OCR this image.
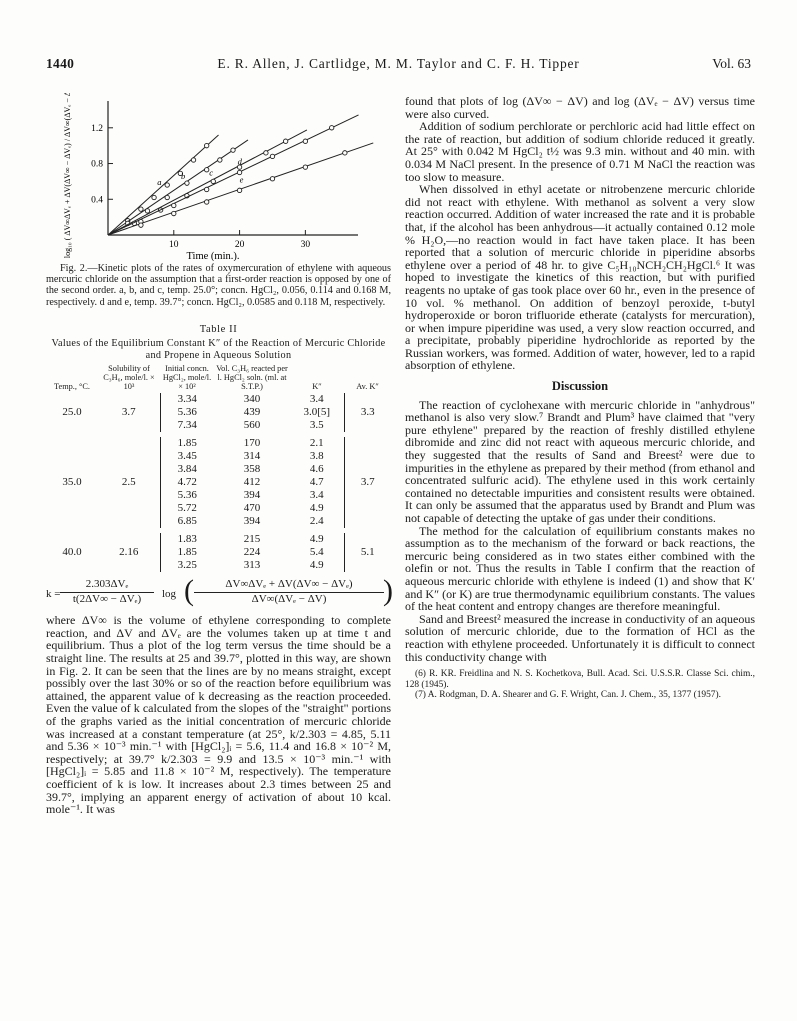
1440	E. R. Allen, J. Cartlidge, M. M. Taylor and C. F. H. Tipper	Vol. 63
10	20	30
0.4
0.8
1.2
Time (min.).
log₁₀ ( ΔV∞ΔVₑ + ΔV(ΔV∞ − ΔVₑ) / ΔV∞(ΔVₑ − ΔV) )	a
b	c
d
e
Fig. 2.—Kinetic plots of the rates of oxymercuration of ethylene with aqueous mercuric chloride on the assumption that a first-order reaction is opposed by one of the second order. a, b, and c, temp. 25.0°; concn. HgCl₂, 0.056, 0.114 and 0.168 M, respectively. d and e, temp. 39.7°; concn. HgCl₂, 0.0585 and 0.118 M, respectively.
Table II
Values of the Equilibrium Constant K″ of the Reaction of Mercuric Chloride and Propene in Aqueous Solution
Temp., °C.	Solubility of C₃H₆, mole/l. × 10³	Initial concn. HgCl₂, mole/l. × 10²	Vol. C₃H₆ reacted per l. HgCl₂ soln. (ml. at S.T.P.)	K″	Av. K″
		3.34	340	3.4	
25.0	3.7	5.36	439	3.0[5]	3.3
		7.34	560	3.5	

		1.85	170	2.1	
		3.45	314	3.8	
		3.84	358	4.6	
35.0	2.5	4.72	412	4.7	3.7
		5.36	394	3.4	
		5.72	470	4.9	
		6.85	394	2.4	

		1.83	215	4.9	
40.0	2.16	1.85	224	5.4	5.1
		3.25	313	4.9	
k =
2.303ΔVₑ
t(2ΔV∞ − ΔVₑ)	log (	ΔV∞ΔVₑ + ΔV(ΔV∞ − ΔVₑ)
ΔV∞(ΔVₑ − ΔV)	)

where ΔV∞ is the volume of ethylene corresponding to complete reaction, and ΔV and ΔVₑ are the volumes taken up at time t and equilibrium. Thus a plot of the log term versus the time should be a straight line. The results at 25 and 39.7°, plotted in this way, are shown in Fig. 2. It can be seen that the lines are by no means straight, except possibly over the last 30% or so of the reaction before equilibrium was attained, the apparent value of k decreasing as the reaction proceeded. Even the value of k calculated from the slopes of the "straight" portions of the graphs varied as the initial concentration of mercuric chloride was increased at a constant temperature (at 25°, k/2.303 = 4.85, 5.11 and 5.36 × 10⁻³ min.⁻¹ with [HgCl₂]ᵢ = 5.6, 11.4 and 16.8 × 10⁻² M, respectively; at 39.7° k/2.303 = 9.9 and 13.5 × 10⁻³ min.⁻¹ with [HgCl₂]ᵢ = 5.85 and 11.8 × 10⁻² M, respectively). The temperature coefficient of k is low. It increases about 2.3 times between 25 and 39.7°, implying an apparent energy of activation of about 10 kcal. mole⁻¹. It was

found that plots of log (ΔV∞ − ΔV) and log (ΔVₑ − ΔV) versus time were also curved.

Addition of sodium perchlorate or perchloric acid had little effect on the rate of reaction, but addition of sodium chloride reduced it greatly. At 25° with 0.042 M HgCl₂ t½ was 9.3 min. without and 40 min. with 0.034 M NaCl present. In the presence of 0.71 M NaCl the reaction was too slow to measure.

When dissolved in ethyl acetate or nitrobenzene mercuric chloride did not react with ethylene. With methanol as solvent a very slow reaction occurred. Addition of water increased the rate and it is probable that, if the alcohol has been anhydrous—it actually contained 0.12 mole % H₂O,—no reaction would in fact have taken place. It has been reported that a solution of mercuric chloride in piperidine absorbs ethylene over a period of 48 hr. to give C₅H₁₀NCH₂CH₂HgCl.⁶ It was hoped to investigate the kinetics of this reaction, but with purified reagents no uptake of gas took place over 60 hr., even in the presence of 10 vol. % methanol. On addition of benzoyl peroxide, t-butyl hydroperoxide or boron trifluoride etherate (catalysts for mercuration), or when impure piperidine was used, a very slow reaction occurred, and a precipitate, probably piperidine hydrochloride as reported by the Russian workers, was formed. Addition of water, however, led to a rapid absorption of ethylene.

Discussion

The reaction of cyclohexane with mercuric chloride in "anhydrous" methanol is also very slow.⁷ Brandt and Plum³ have claimed that "very pure ethylene" prepared by the reaction of freshly distilled ethylene dibromide and zinc did not react with aqueous mercuric chloride, and they suggested that the results of Sand and Breest² were due to impurities in the ethylene as prepared by their method (from ethanol and concentrated sulfuric acid). The ethylene used in this work certainly contained no detectable impurities and consistent results were obtained. It can only be assumed that the apparatus used by Brandt and Plum was not capable of detecting the uptake of gas under their conditions.

The method for the calculation of equilibrium constants makes no assumption as to the mechanism of the forward or back reactions, the mercuric being considered as in two states either combined with the olefin or not. Thus the results in Table I confirm that the reaction of aqueous mercuric chloride with ethylene is indeed (1) and show that K′ and K″ (or K) are true thermodynamic equilibrium constants. The values of the heat content and entropy changes are therefore meaningful.

Sand and Breest² measured the increase in conductivity of an aqueous solution of mercuric chloride, due to the formation of HCl as the reaction with ethylene proceeded. Unfortunately it is difficult to connect this conductivity change with

(6) R. KR. Freidlina and N. S. Kochetkova, Bull. Acad. Sci. U.S.S.R. Classe Sci. chim., 128 (1945).
(7) A. Rodgman, D. A. Shearer and G. F. Wright, Can. J. Chem., 35, 1377 (1957).
